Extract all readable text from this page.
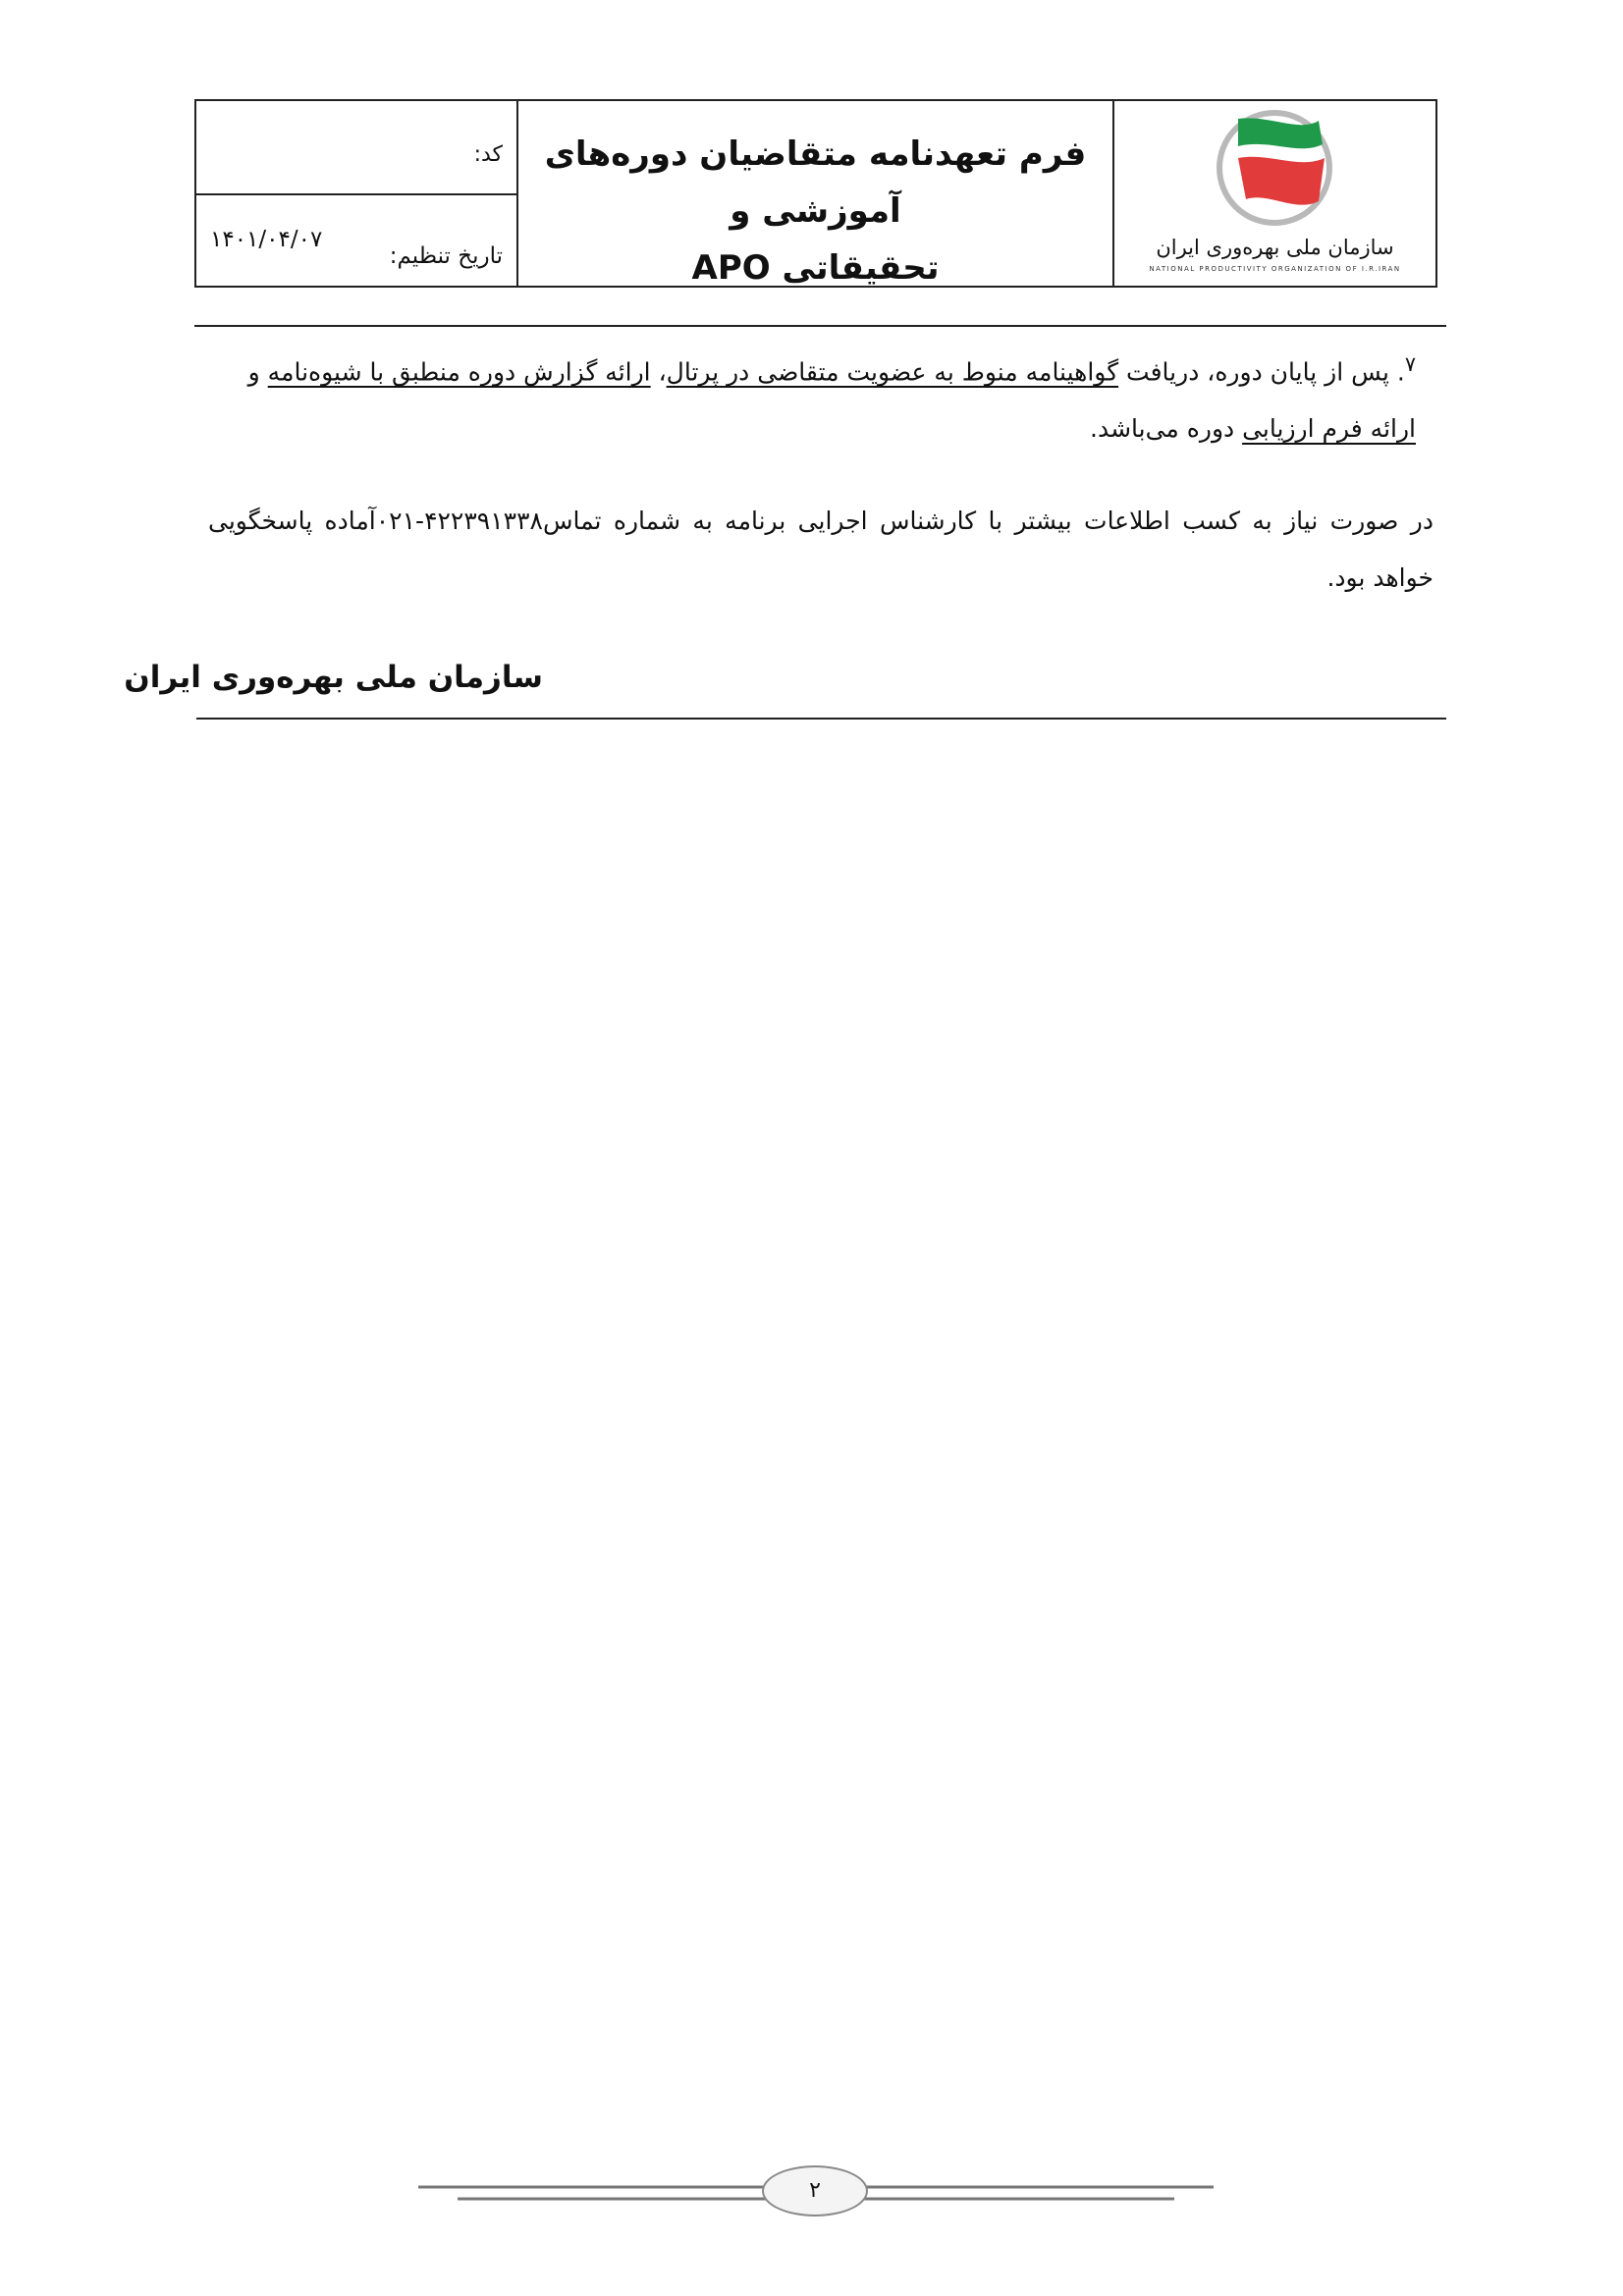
کد:
تاریخ تنظیم:
۱۴۰۱/۰۴/۰۷
فرم تعهدنامه متقاضیان دوره‌های آموزشی و
تحقیقاتی APO
سازمان ملی بهره‌وری ایران
NATIONAL PRODUCTIVITY ORGANIZATION OF I.R.IRAN
$^۷$. پس از پایان دوره، دریافت گواهینامه منوط به عضویت متقاضی در پرتال، ارائه گزارش دوره منطبق با شیوه‌نامه و ارائه فرم ارزیابی دوره می‌باشد.
در صورت نیاز به کسب اطلاعات بیشتر با کارشناس اجرایی برنامه به شماره تماس۴۲۲۳۹۱۳۳۸-۰۲۱آماده پاسخگویی خواهد بود.
سازمان ملی بهره‌وری ایران
۲
